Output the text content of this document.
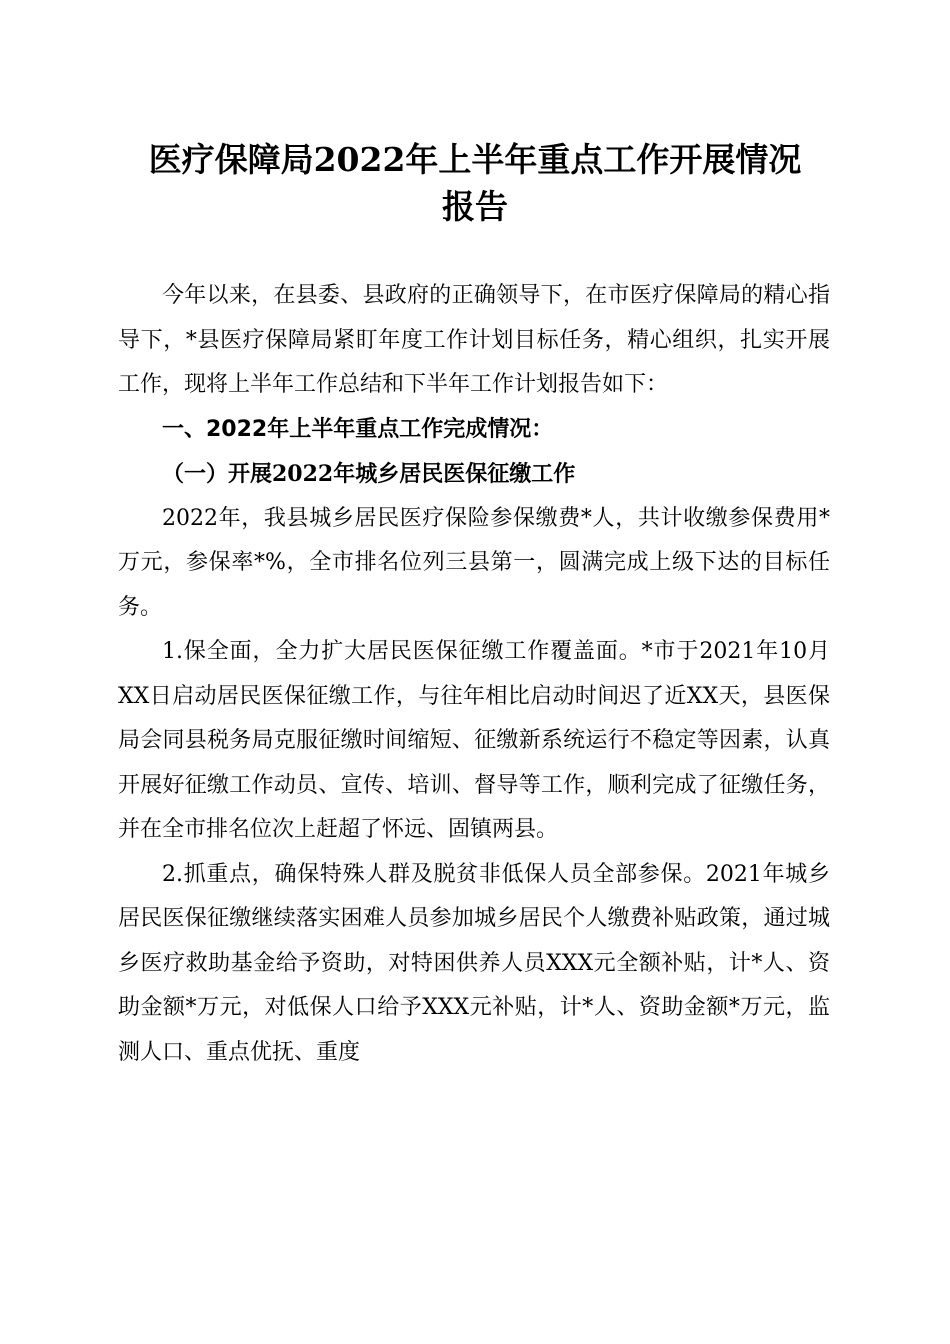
医疗保障局2022年上半年重点工作开展情况
报告

今年以来，在县委、县政府的正确领导下，在市医疗保障局的精心指导下，*县医疗保障局紧盯年度工作计划目标任务，精心组织，扎实开展工作，现将上半年工作总结和下半年工作计划报告如下：

一、2022年上半年重点工作完成情况：

（一）开展2022年城乡居民医保征缴工作

2022年，我县城乡居民医疗保险参保缴费*人，共计收缴参保费用*万元，参保率*%，全市排名位列三县第一，圆满完成上级下达的目标任务。

1.保全面，全力扩大居民医保征缴工作覆盖面。*市于2021年10月XX日启动居民医保征缴工作，与往年相比启动时间迟了近XX天，县医保局会同县税务局克服征缴时间缩短、征缴新系统运行不稳定等因素，认真开展好征缴工作动员、宣传、培训、督导等工作，顺利完成了征缴任务，并在全市排名位次上赶超了怀远、固镇两县。

2.抓重点，确保特殊人群及脱贫非低保人员全部参保。2021年城乡居民医保征缴继续落实困难人员参加城乡居民个人缴费补贴政策，通过城乡医疗救助基金给予资助，对特困供养人员XXX元全额补贴，计*人、资助金额*万元，对低保人口给予XXX元补贴，计*人、资助金额*万元，监测人口、重点优抚、重度
